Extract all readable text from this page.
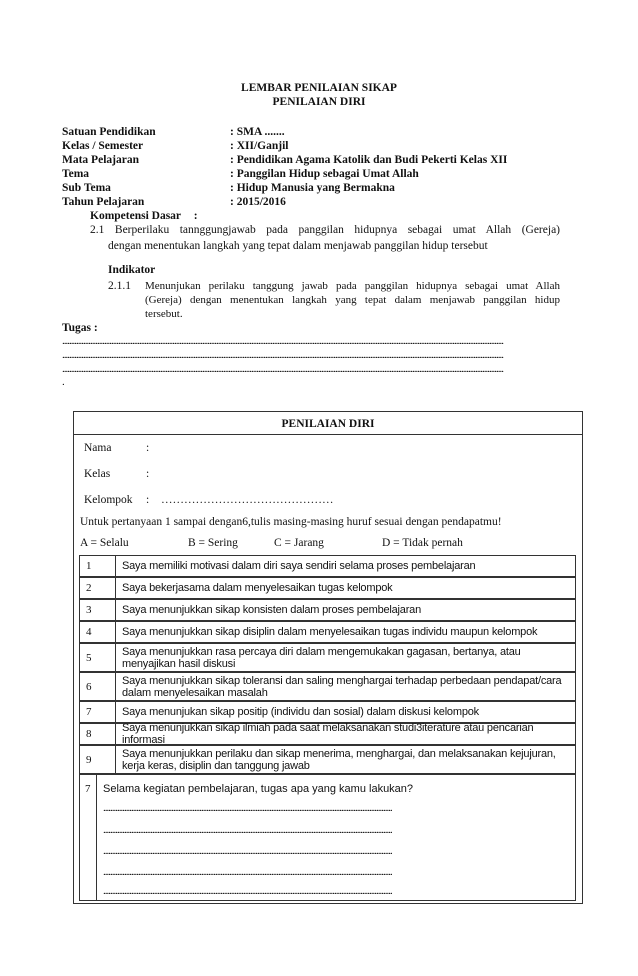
LEMBAR PENILAIAN SIKAP
PENILAIAN DIRI
Satuan Pendidikan	: SMA .......
Kelas / Semester	: XII/Ganjil
Mata Pelajaran	: Pendidikan Agama Katolik dan Budi Pekerti Kelas XII
Tema	: Panggilan Hidup sebagai Umat Allah
Sub Tema	: Hidup Manusia yang Bermakna
Tahun Pelajaran	: 2015/2016
Kompetensi Dasar :
2.1 Berperilaku tannggungjawab pada panggilan hidupnya sebagai umat Allah (Gereja)
dengan menentukan langkah yang tepat dalam menjawab panggilan hidup tersebut
Indikator
2.1.1 Menunjukan perilaku tanggung jawab pada panggilan hidupnya sebagai umat Allah
(Gereja) dengan menentukan langkah yang tepat dalam menjawab panggilan hidup
tersebut.
Tugas :
............................................................................................................................................................................................................................................................
............................................................................................................................................................................................................................................................
............................................................................................................................................................................................................................................................
.
PENILAIAN DIRI
Nama	:
Kelas	:
Kelompok : ………………………………………
Untuk pertanyaan 1 sampai dengan6,tulis masing-masing huruf sesuai dengan pendapatmu!
A = Selalu	B = Sering	C = Jarang	D = Tidak pernah
1	Saya memiliki motivasi dalam diri saya sendiri selama proses pembelajaran
2	Saya bekerjasama dalam menyelesaikan tugas kelompok
3	Saya menunjukkan sikap konsisten dalam proses pembelajaran
4	Saya menunjukkan sikap disiplin dalam menyelesaikan tugas individu maupun kelompok
5	Saya menunjukkan rasa percaya diri dalam mengemukakan gagasan, bertanya, atau menyajikan hasil diskusi
6	Saya menunjukkan sikap toleransi dan saling menghargai terhadap perbedaan pendapat/cara dalam menyelesaikan masalah
7	Saya menunjukan sikap positip (individu dan sosial) dalam diskusi kelompok
8	Saya menunjukkan sikap ilmiah pada saat melaksanakan studi3iterature atau pencarian informasi
9	Saya menunjukkan perilaku dan sikap menerima, menghargai, dan melaksanakan kejujuran, kerja keras, disiplin dan tanggung jawab
7	Selama kegiatan pembelajaran, tugas apa yang kamu lakukan?
.....................................................................................................................................................................
.....................................................................................................................................................................
.....................................................................................................................................................................
.....................................................................................................................................................................
.....................................................................................................................................................................
